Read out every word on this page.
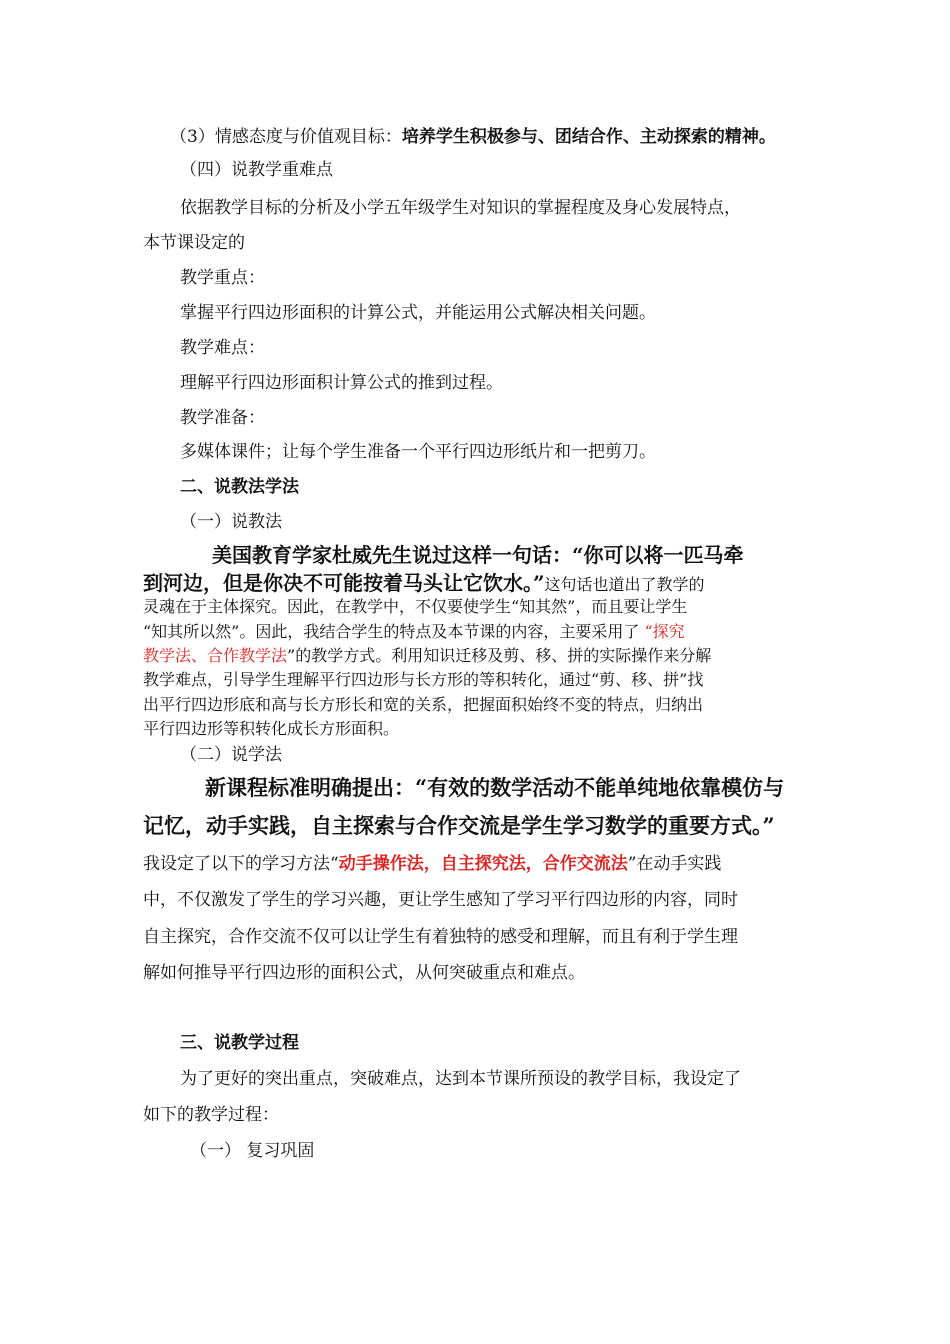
（3）情感态度与价值观目标：培养学生积极参与、团结合作、主动探索的精神。
（四）说教学重难点
依据教学目标的分析及小学五年级学生对知识的掌握程度及身心发展特点，
本节课设定的
教学重点：
掌握平行四边形面积的计算公式，并能运用公式解决相关问题。
教学难点：
理解平行四边形面积计算公式的推到过程。
教学准备：
多媒体课件；让每个学生准备一个平行四边形纸片和一把剪刀。
二、说教法学法
（一）说教法
美国教育学家杜威先生说过这样一句话：“你可以将一匹马牵
到河边，但是你决不可能按着马头让它饮水。”这句话也道出了教学的
灵魂在于主体探究。因此，在教学中，不仅要使学生“知其然”，而且要让学生
“知其所以然”。因此，我结合学生的特点及本节课的内容，主要采用了 “探究
教学法、合作教学法”的教学方式。利用知识迁移及剪、移、拼的实际操作来分解
教学难点，引导学生理解平行四边形与长方形的等积转化，通过“剪、移、拼”找
出平行四边形底和高与长方形长和宽的关系，把握面积始终不变的特点，归纳出
平行四边形等积转化成长方形面积。
（二）说学法
新课程标准明确提出：“有效的数学活动不能单纯地依靠模仿与
记忆，动手实践，自主探索与合作交流是学生学习数学的重要方式。”
我设定了以下的学习方法“动手操作法，自主探究法，合作交流法”在动手实践
中，不仅激发了学生的学习兴趣，更让学生感知了学习平行四边形的内容，同时
自主探究，合作交流不仅可以让学生有着独特的感受和理解，而且有利于学生理
解如何推导平行四边形的面积公式，从何突破重点和难点。
三、说教学过程
为了更好的突出重点，突破难点，达到本节课所预设的教学目标，我设定了
如下的教学过程：
（一） 复习巩固
